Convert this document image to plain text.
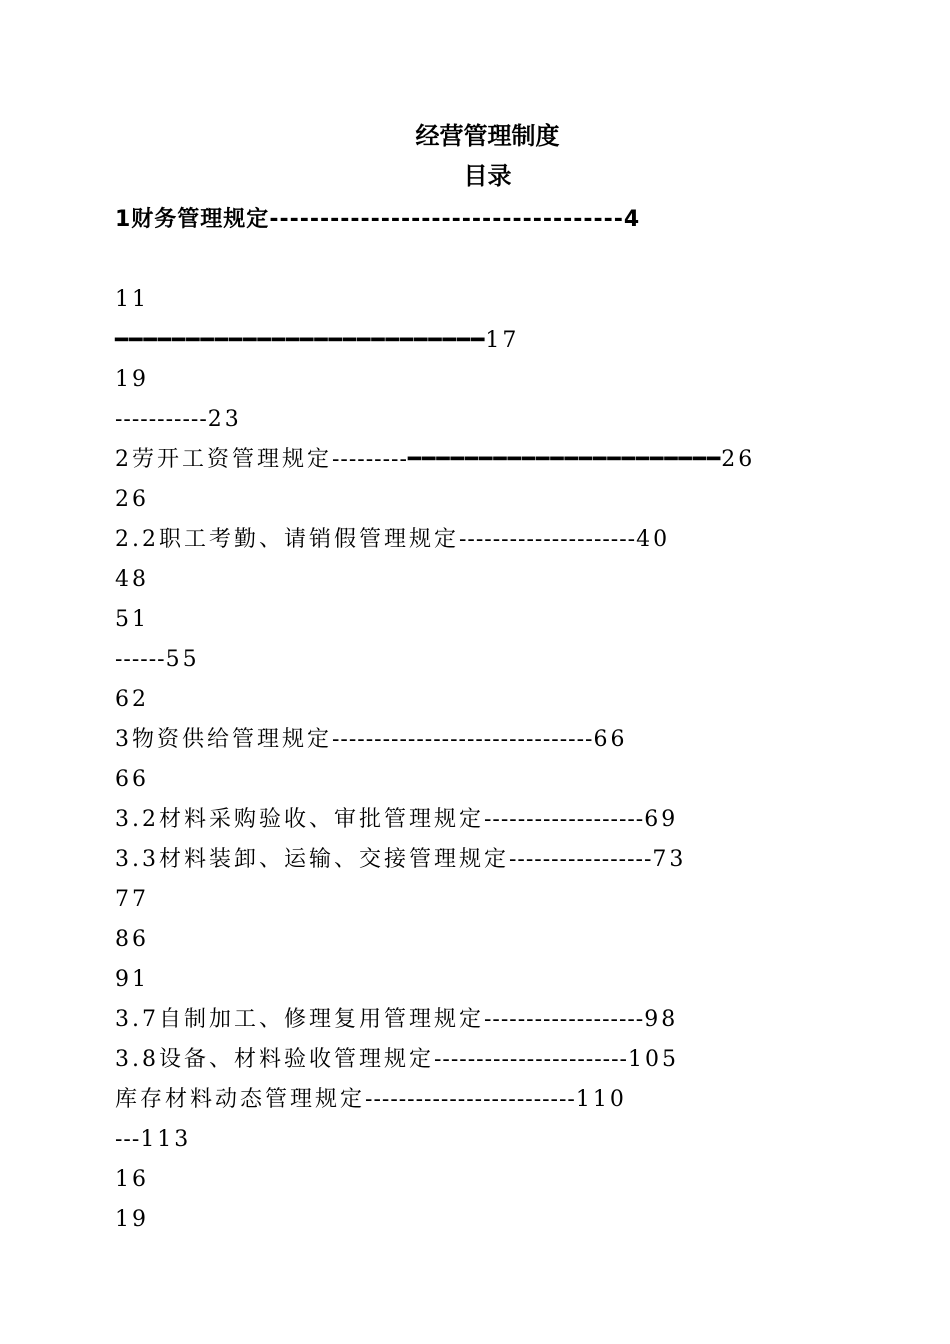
经营管理制度
目录
1财务管理规定-----------------------------------4
11
━━━━━━━━━━━━━━━━━━━━━━━━━━17
19
-----------23
2劳开工资管理规定---------━━━━━━━━━━━━━━━━━━━━━━26
26
2.2职工考勤、请销假管理规定---------------------40
48
51
------55
62
3物资供给管理规定-------------------------------66
66
3.2材料采购验收、审批管理规定-------------------69
3.3材料装卸、运输、交接管理规定-----------------73
77
86
91
3.7自制加工、修理复用管理规定-------------------98
3.8设备、材料验收管理规定-----------------------105
库存材料动态管理规定-------------------------110
---113
16
19
